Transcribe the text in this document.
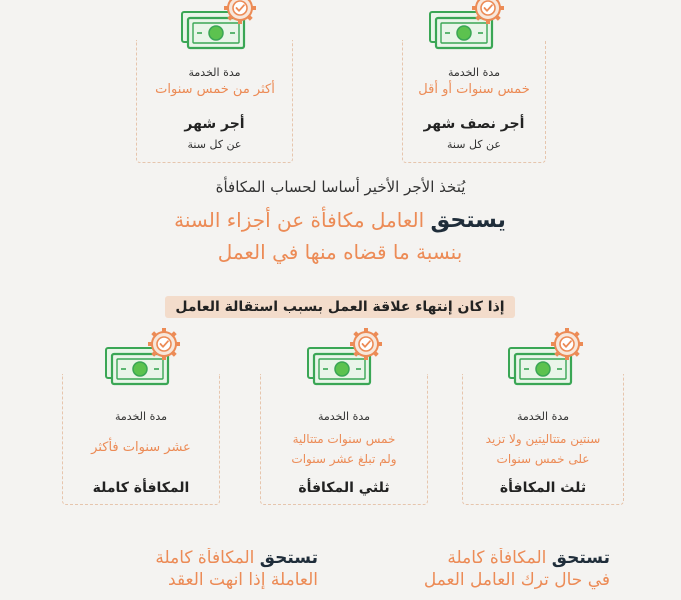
مدة الخدمة
خمس سنوات أو أقل
أجر نصف شهر
عن كل سنة
مدة الخدمة
أكثر من خمس سنوات
أجر شهر
عن كل سنة
يُتخذ الأجر الأخير أساسا لحساب المكافأة
يستحق العامل مكافأة عن أجزاء السنة
بنسبة ما قضاه منها في العمل
إذا كان إنتهاء علاقة العمل بسبب استقالة العامل
مدة الخدمة
سنتين متتاليتين ولا تزيد
على خمس سنوات
ثلث المكافأة
مدة الخدمة
خمس سنوات متتالية
ولم تبلغ عشر سنوات
ثلثي المكافأة
مدة الخدمة
عشر سنوات فأكثر
المكافأة كاملة
تستحق المكافأة كاملة
في حال ترك العامل العمل
تستحق المكافأة كاملة
العاملة إذا انهت العقد
